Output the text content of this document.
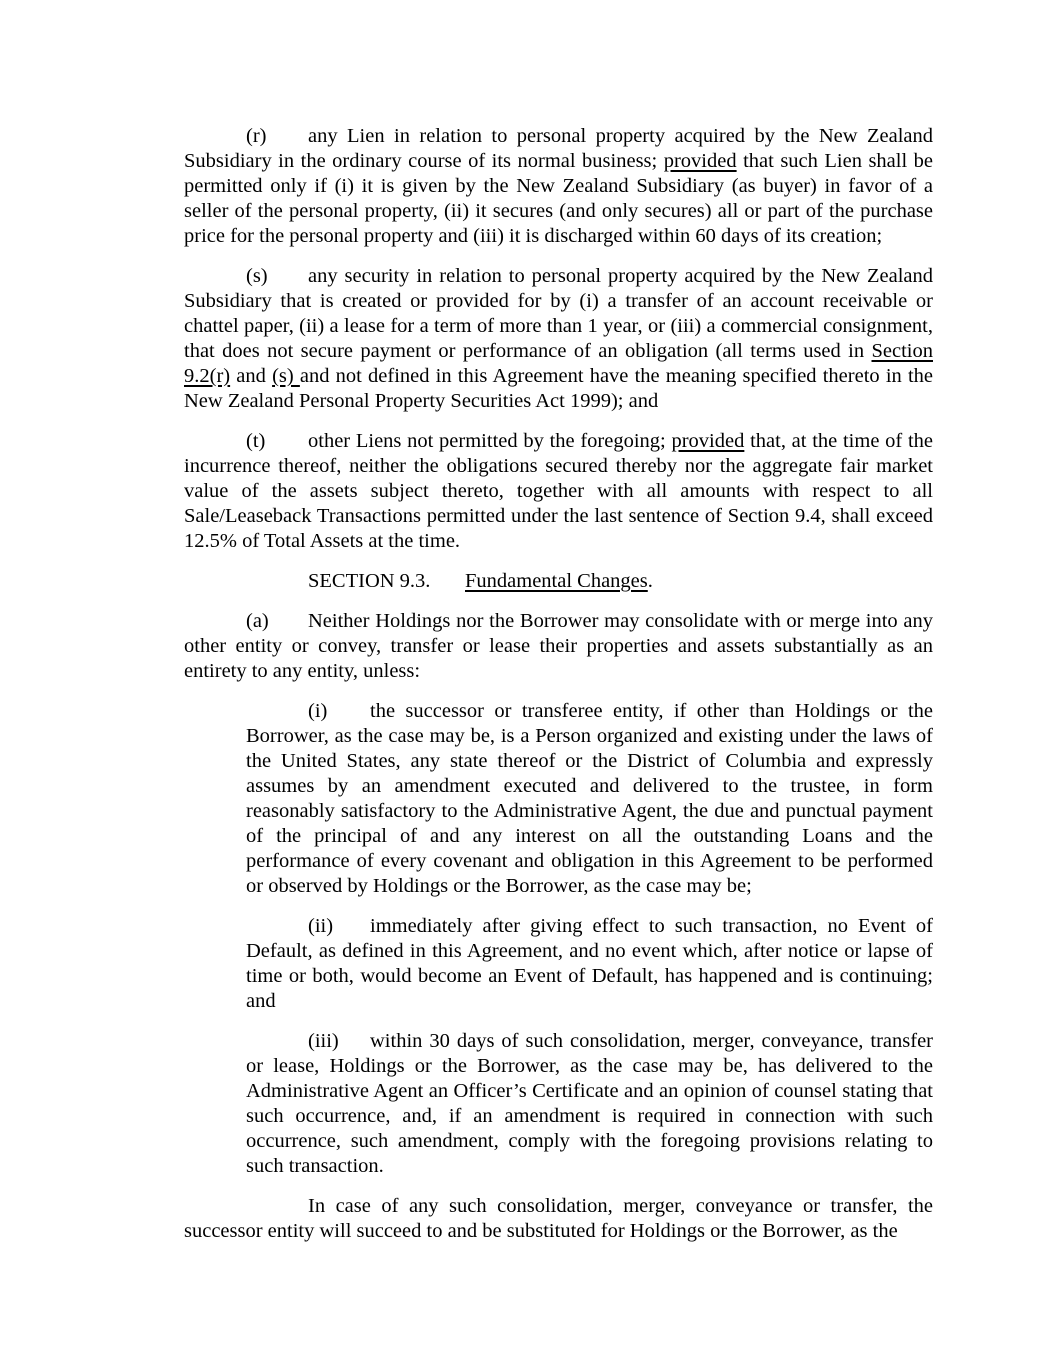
(r) any Lien in relation to personal property acquired by the New Zealand Subsidiary in the ordinary course of its normal business; provided that such Lien shall be permitted only if (i) it is given by the New Zealand Subsidiary (as buyer) in favor of a seller of the personal property, (ii) it secures (and only secures) all or part of the purchase price for the personal property and (iii) it is discharged within 60 days of its creation;

(s) any security in relation to personal property acquired by the New Zealand Subsidiary that is created or provided for by (i) a transfer of an account receivable or chattel paper, (ii) a lease for a term of more than 1 year, or (iii) a commercial consignment, that does not secure payment or performance of an obligation (all terms used in Section 9.2(r) and (s) and not defined in this Agreement have the meaning specified thereto in the New Zealand Personal Property Securities Act 1999); and

(t) other Liens not permitted by the foregoing; provided that, at the time of the incurrence thereof, neither the obligations secured thereby nor the aggregate fair market value of the assets subject thereto, together with all amounts with respect to all Sale/Leaseback Transactions permitted under the last sentence of Section 9.4, shall exceed 12.5% of Total Assets at the time.

SECTION 9.3. Fundamental Changes.

(a) Neither Holdings nor the Borrower may consolidate with or merge into any other entity or convey, transfer or lease their properties and assets substantially as an entirety to any entity, unless:

(i) the successor or transferee entity, if other than Holdings or the Borrower, as the case may be, is a Person organized and existing under the laws of the United States, any state thereof or the District of Columbia and expressly assumes by an amendment executed and delivered to the trustee, in form reasonably satisfactory to the Administrative Agent, the due and punctual payment of the principal of and any interest on all the outstanding Loans and the performance of every covenant and obligation in this Agreement to be performed or observed by Holdings or the Borrower, as the case may be;

(ii) immediately after giving effect to such transaction, no Event of Default, as defined in this Agreement, and no event which, after notice or lapse of time or both, would become an Event of Default, has happened and is continuing; and

(iii) within 30 days of such consolidation, merger, conveyance, transfer or lease, Holdings or the Borrower, as the case may be, has delivered to the Administrative Agent an Officer’s Certificate and an opinion of counsel stating that such occurrence, and, if an amendment is required in connection with such occurrence, such amendment, comply with the foregoing provisions relating to such transaction.

In case of any such consolidation, merger, conveyance or transfer, the successor entity will succeed to and be substituted for Holdings or the Borrower, as the
